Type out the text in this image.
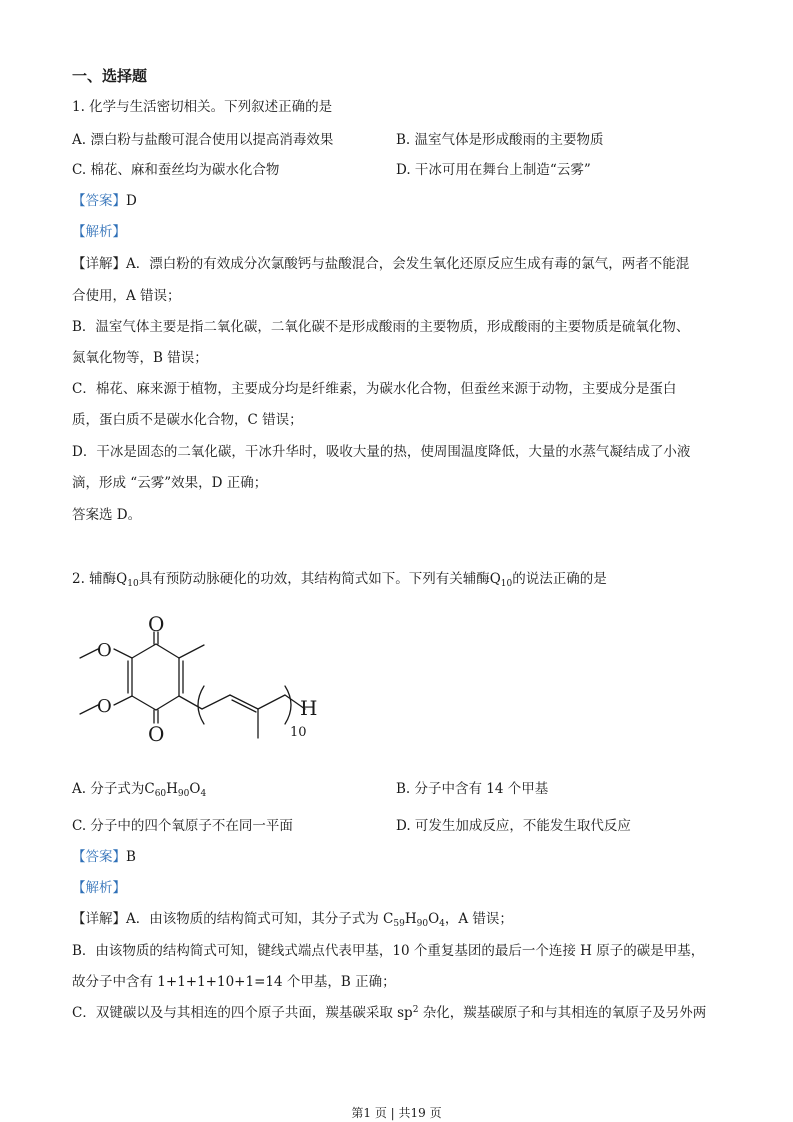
一、选择题
1. 化学与生活密切相关。下列叙述正确的是
A. 漂白粉与盐酸可混合使用以提高消毒效果	B. 温室气体是形成酸雨的主要物质
C. 棉花、麻和蚕丝均为碳水化合物	D. 干冰可用在舞台上制造“云雾”
【答案】D
【解析】
【详解】A．漂白粉的有效成分次氯酸钙与盐酸混合，会发生氧化还原反应生成有毒的氯气，两者不能混
合使用，A 错误；
B．温室气体主要是指二氧化碳，二氧化碳不是形成酸雨的主要物质，形成酸雨的主要物质是硫氧化物、
氮氧化物等，B 错误；
C．棉花、麻来源于植物，主要成分均是纤维素，为碳水化合物，但蚕丝来源于动物，主要成分是蛋白
质，蛋白质不是碳水化合物，C 错误；
D．干冰是固态的二氧化碳，干冰升华时，吸收大量的热，使周围温度降低，大量的水蒸气凝结成了小液
滴，形成 “云雾”效果，D 正确；
答案选 D。
2. 辅酶$Q_{10}$具有预防动脉硬化的功效，其结构简式如下。下列有关辅酶$Q_{10}$的说法正确的是
O
O
O
O	H
10
A. 分子式为$C_{60}H_{90}O_4$	B. 分子中含有 14 个甲基
C. 分子中的四个氧原子不在同一平面	D. 可发生加成反应，不能发生取代反应
【答案】B
【解析】
【详解】A．由该物质的结构简式可知，其分子式为 $C_{59}H_{90}O_4$，A 错误；
B．由该物质的结构简式可知，键线式端点代表甲基，10 个重复基团的最后一个连接 H 原子的碳是甲基，
故分子中含有 1+1+1+10+1=14 个甲基，B 正确；
C．双键碳以及与其相连的四个原子共面，羰基碳采取 $sp^2$ 杂化，羰基碳原子和与其相连的氧原子及另外两
第1 页 | 共19 页
